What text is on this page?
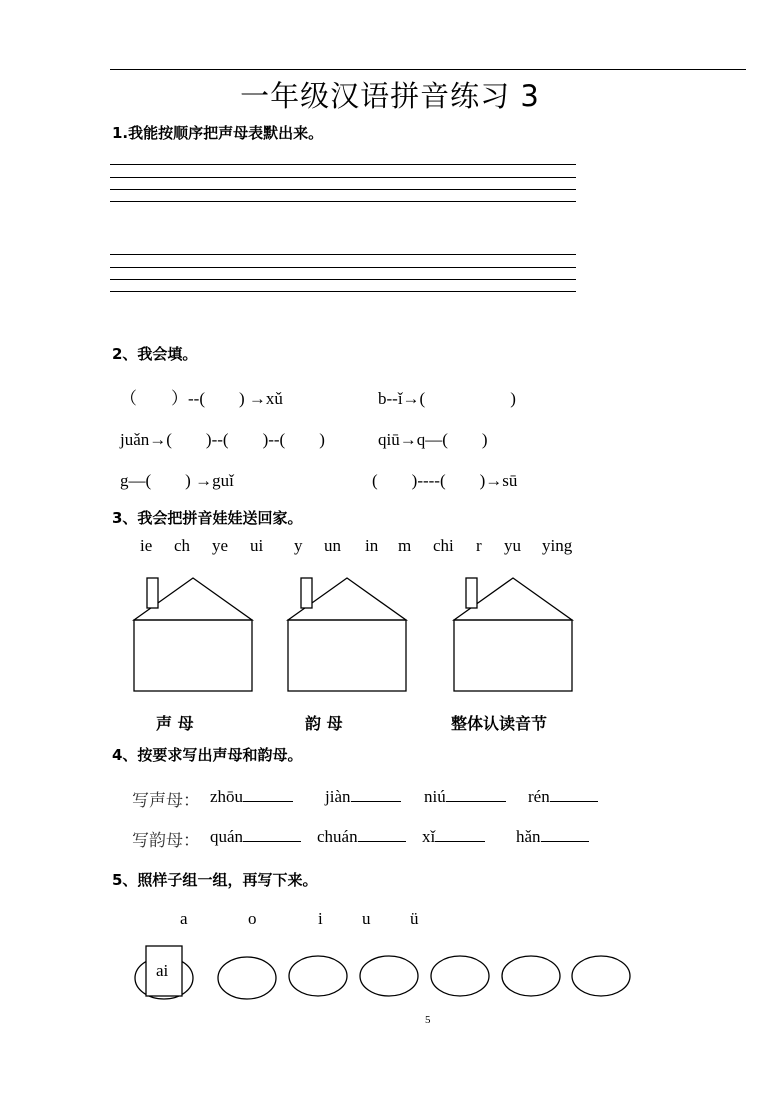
一年级汉语拼音练习 3
1.我能按顺序把声母表默出来。
2、我会填。
（　　）--(　　) →xǔ	b--ǐ→(　　　　　)
juǎn→(　　)--(　　)--(　　)	qiū→q—(　　)
g—(　　) →guǐ	(　　)----(　　)→sū
3、我会把拼音娃娃送回家。
ie ch ye ui y un in m chi r yu ying
声 母	韵 母	整体认读音节
4、按要求写出声母和韵母。
写声母： zhōu	jiàn	niú	rén
写韵母： quán	chuán	xǐ	hǎn
5、照样子组一组，再写下来。
a	o	i u ü
ai
5
